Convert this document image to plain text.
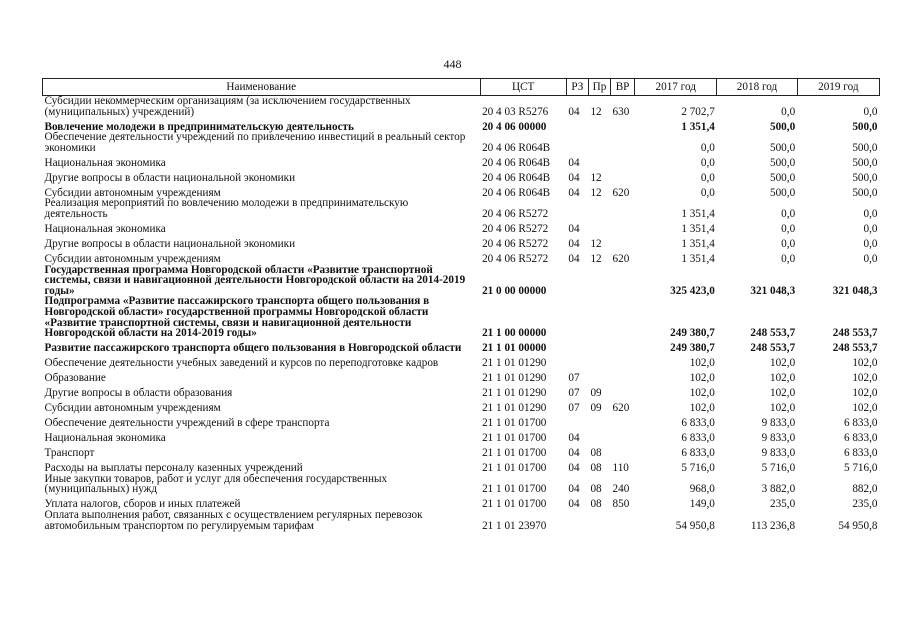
448
Наименование	ЦСТ	РЗ	Пр	ВР	2017 год	2018 год	2019 год
Субсидии некоммерческим организациям (за исключением государственных (муниципальных) учреждений)	20 4 03 R5276	04	12	630	2 702,7	0,0	0,0
Вовлечение молодежи в предпринимательскую деятельность	20 4 06 00000				1 351,4	500,0	500,0
Обеспечение деятельности учреждений по привлечению инвестиций в реальный сектор экономики	20 4 06 R064B				0,0	500,0	500,0
Национальная экономика	20 4 06 R064B	04			0,0	500,0	500,0
Другие вопросы в области национальной экономики	20 4 06 R064B	04	12		0,0	500,0	500,0
Субсидии автономным учреждениям	20 4 06 R064B	04	12	620	0,0	500,0	500,0
Реализация мероприятий по вовлечению молодежи в предпринимательскую деятельность	20 4 06 R5272				1 351,4	0,0	0,0
Национальная экономика	20 4 06 R5272	04			1 351,4	0,0	0,0
Другие вопросы в области национальной экономики	20 4 06 R5272	04	12		1 351,4	0,0	0,0
Субсидии автономным учреждениям	20 4 06 R5272	04	12	620	1 351,4	0,0	0,0
Государственная программа Новгородской области «Развитие транспортной системы, связи и навигационной деятельности Новгородской области на 2014-2019 годы»	21 0 00 00000				325 423,0	321 048,3	321 048,3
Подпрограмма «Развитие пассажирского транспорта общего пользования в Новгородской области» государственной программы Новгородской области «Развитие транспортной системы, связи и навигационной деятельности Новгородской области на 2014-2019 годы»	21 1 00 00000				249 380,7	248 553,7	248 553,7
Развитие пассажирского транспорта общего пользования в Новгородской области	21 1 01 00000				249 380,7	248 553,7	248 553,7
Обеспечение деятельности учебных заведений и курсов по переподготовке кадров	21 1 01 01290				102,0	102,0	102,0
Образование	21 1 01 01290	07			102,0	102,0	102,0
Другие вопросы в области образования	21 1 01 01290	07	09		102,0	102,0	102,0
Субсидии автономным учреждениям	21 1 01 01290	07	09	620	102,0	102,0	102,0
Обеспечение деятельности учреждений в сфере транспорта	21 1 01 01700				6 833,0	9 833,0	6 833,0
Национальная экономика	21 1 01 01700	04			6 833,0	9 833,0	6 833,0
Транспорт	21 1 01 01700	04	08		6 833,0	9 833,0	6 833,0
Расходы на выплаты персоналу казенных учреждений	21 1 01 01700	04	08	110	5 716,0	5 716,0	5 716,0
Иные закупки товаров, работ и услуг для обеспечения государственных (муниципальных) нужд	21 1 01 01700	04	08	240	968,0	3 882,0	882,0
Уплата налогов, сборов и иных платежей	21 1 01 01700	04	08	850	149,0	235,0	235,0
Оплата выполнения работ, связанных с осуществлением регулярных перевозок автомобильным транспортом по регулируемым тарифам	21 1 01 23970				54 950,8	113 236,8	54 950,8
